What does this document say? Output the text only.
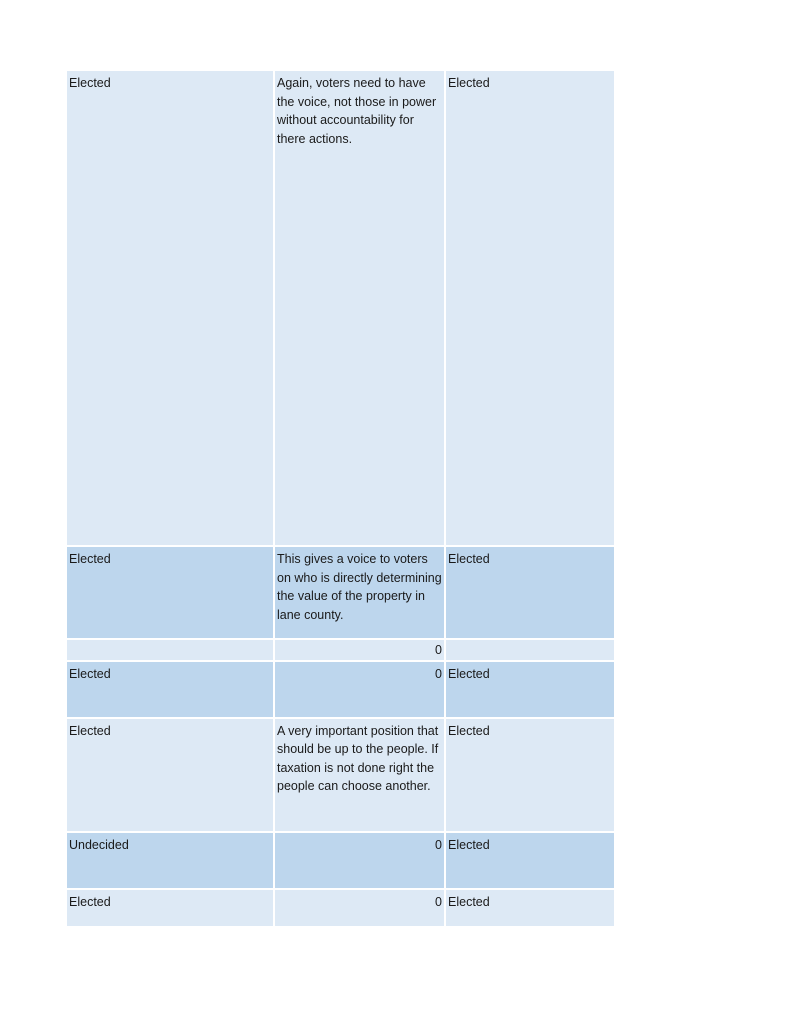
Elected	Again, voters need to have the voice, not those in power without accountability for there actions.	Elected
Elected	This gives a voice to voters on who is directly determining the value of the property in lane county.	Elected
	0	
Elected	0	Elected
Elected	A very important position that should be up to the people. If taxation is not done right the people can choose another.	Elected
Undecided	0	Elected
Elected	0	Elected
